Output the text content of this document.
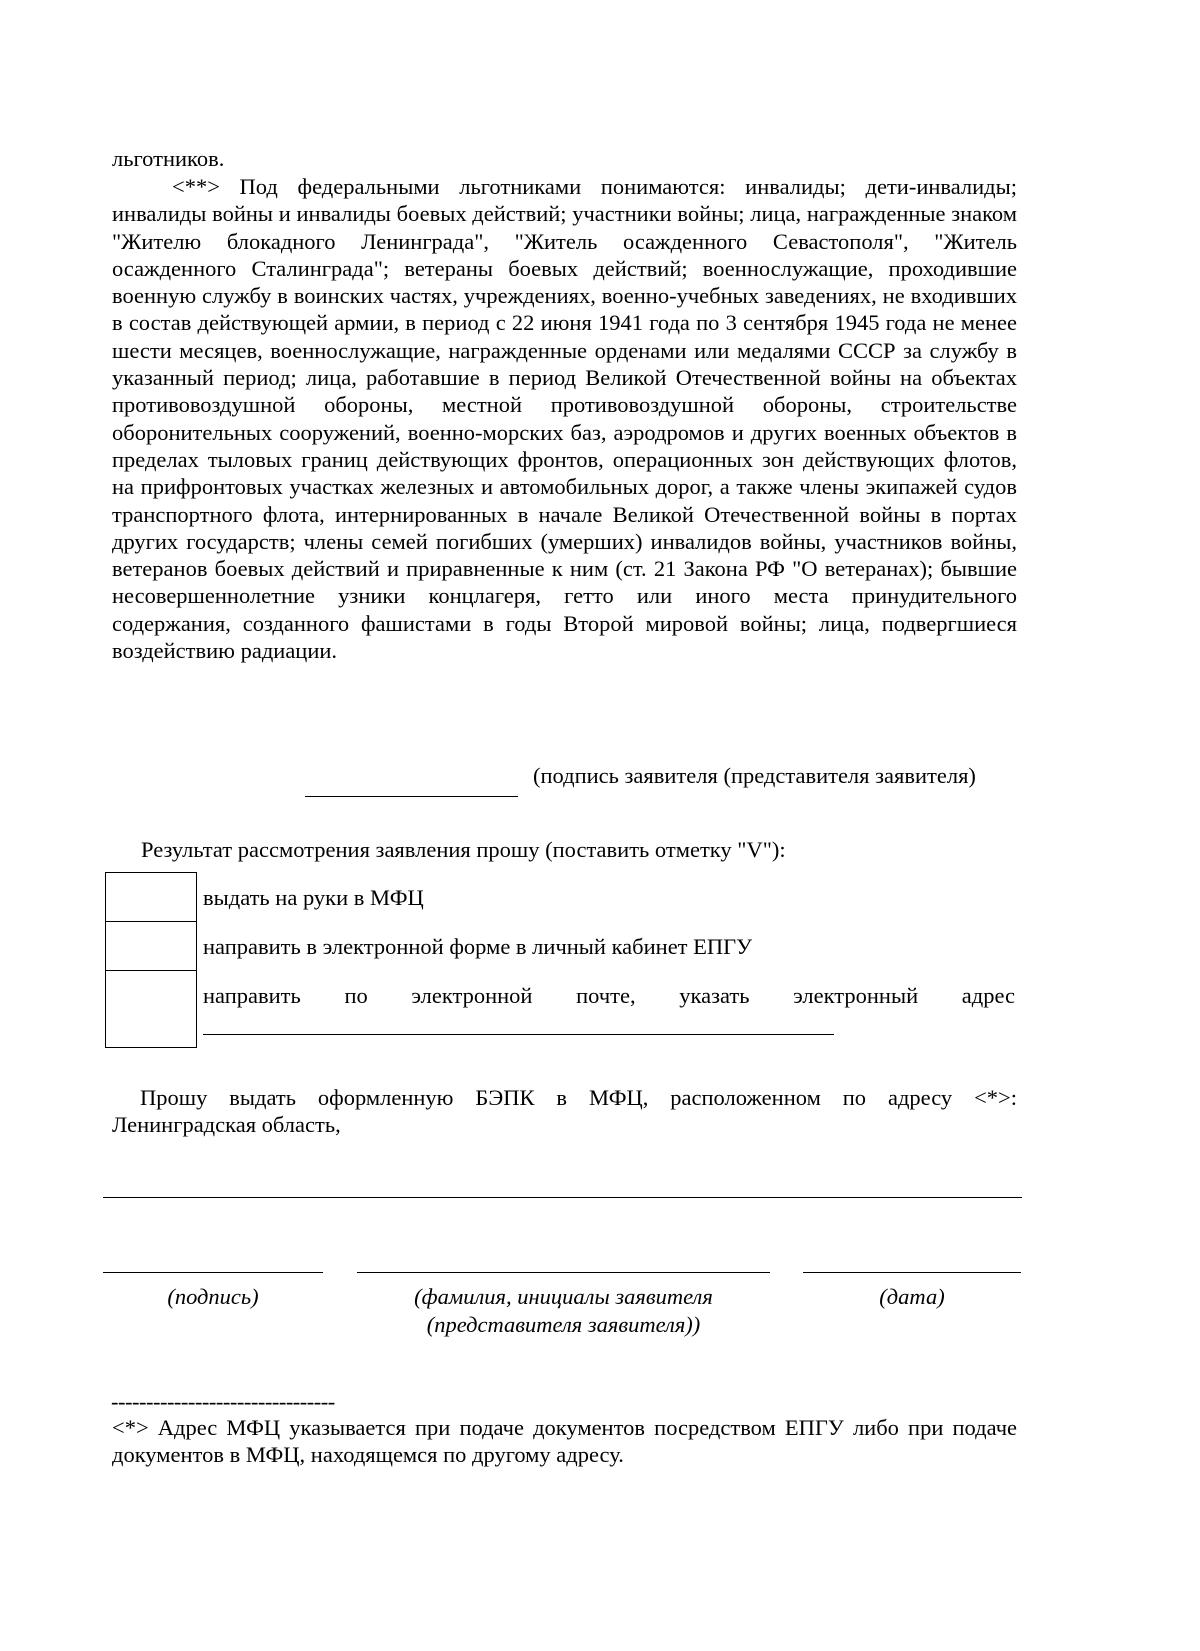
льготников.

<**> Под федеральными льготниками понимаются: инвалиды; дети-инвалиды; инвалиды войны и инвалиды боевых действий; участники войны; лица, награжденные знаком "Жителю блокадного Ленинграда", "Житель осажденного Севастополя", "Житель осажденного Сталинграда"; ветераны боевых действий; военнослужащие, проходившие военную службу в воинских частях, учреждениях, военно-учебных заведениях, не входивших в состав действующей армии, в период с 22 июня 1941 года по 3 сентября 1945 года не менее шести месяцев, военнослужащие, награжденные орденами или медалями СССР за службу в указанный период; лица, работавшие в период Великой Отечественной войны на объектах противовоздушной обороны, местной противовоздушной обороны, строительстве оборонительных сооружений, военно-морских баз, аэродромов и других военных объектов в пределах тыловых границ действующих фронтов, операционных зон действующих флотов, на прифронтовых участках железных и автомобильных дорог, а также члены экипажей судов транспортного флота, интернированных в начале Великой Отечественной войны в портах других государств; члены семей погибших (умерших) инвалидов войны, участников войны, ветеранов боевых действий и приравненные к ним (ст. 21 Закона РФ "О ветеранах); бывшие несовершеннолетние узники концлагеря, гетто или иного места принудительного содержания, созданного фашистами в годы Второй мировой войны; лица, подвергшиеся воздействию радиации.

(подпись заявителя (представителя заявителя)
Результат рассмотрения заявления прошу (поставить отметку "V"):
выдать на руки в МФЦ
направить в электронной форме в личный кабинет ЕПГУ
направить по электронной почте, указать электронный адрес

Прошу выдать оформленную БЭПК в МФЦ, расположенном по адресу <*>: Ленинградская область,

(подпись)	(фамилия, инициалы заявителя
(представителя заявителя))
(дата)
--------------------------------

<*> Адрес МФЦ указывается при подаче документов посредством ЕПГУ либо при подаче документов в МФЦ, находящемся по другому адресу.
